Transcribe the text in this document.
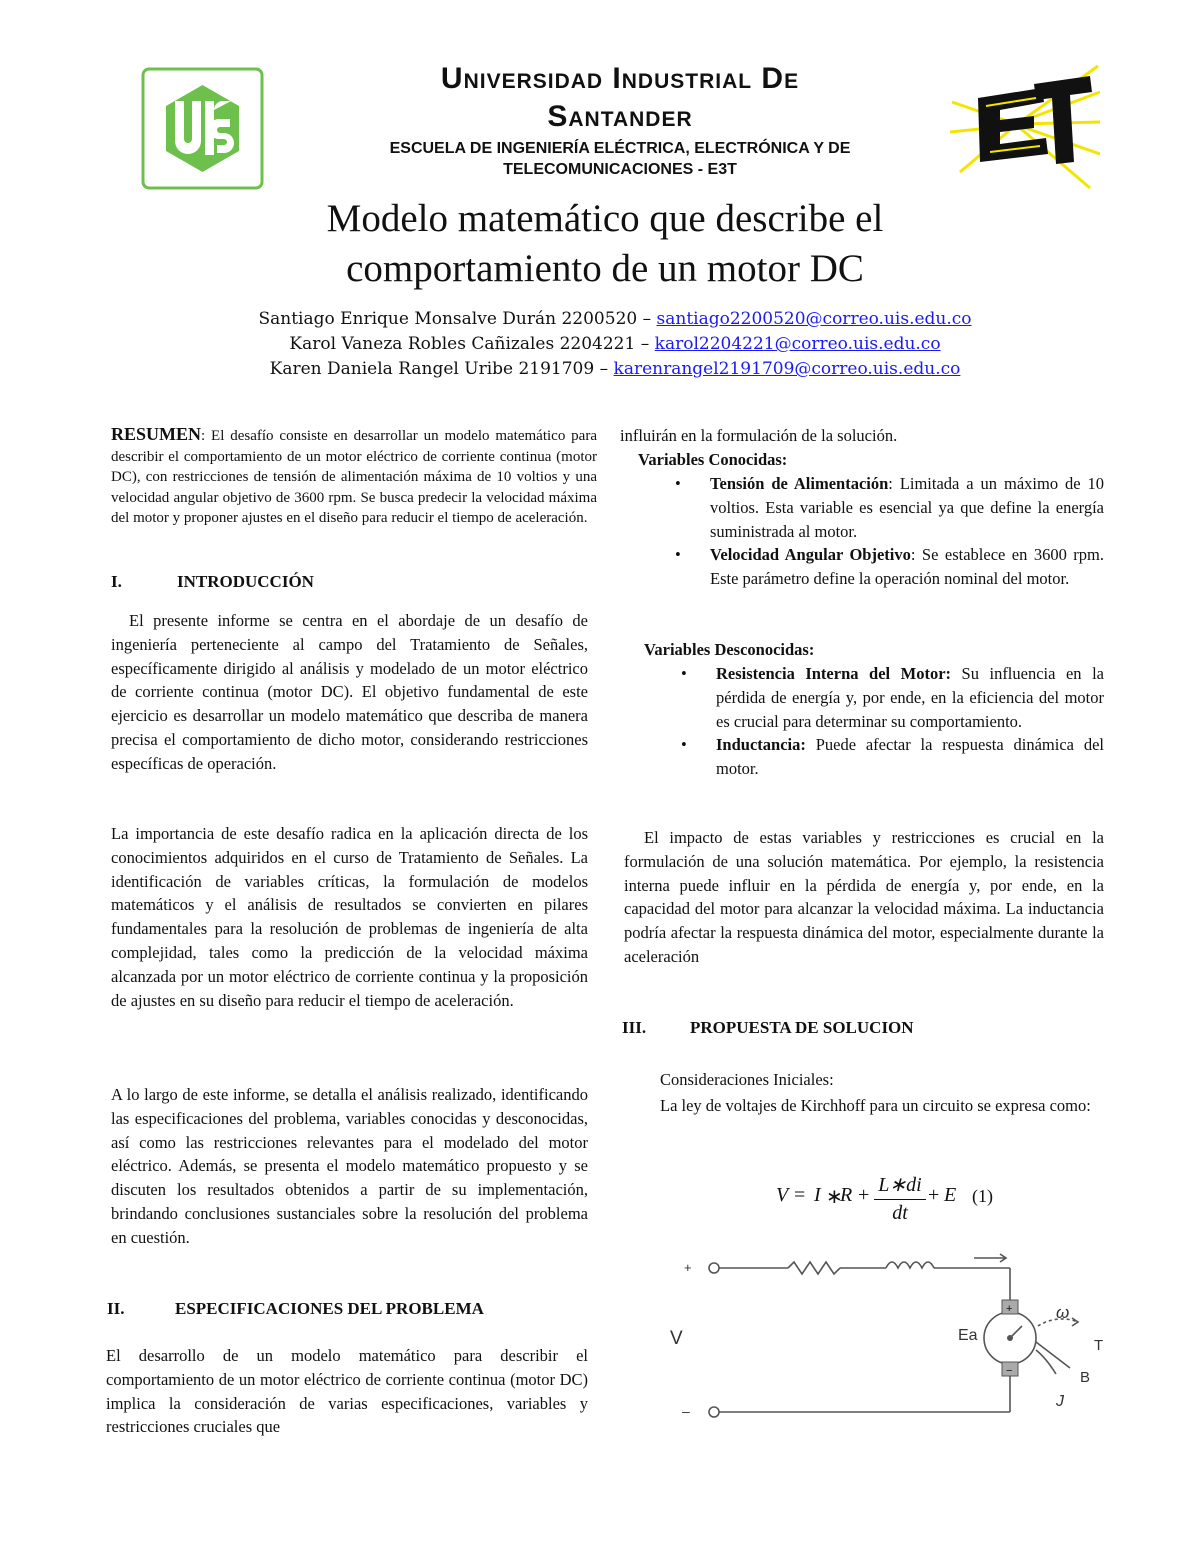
Universidad Industrial De
Santander
ESCUELA DE INGENIERÍA ELÉCTRICA, ELECTRÓNICA Y DE
TELECOMUNICACIONES - E3T
Modelo matemático que describe el
comportamiento de un motor DC
Santiago Enrique Monsalve Durán 2200520 – santiago2200520@correo.uis.edu.co
Karol Vaneza Robles Cañizales 2204221 – karol2204221@correo.uis.edu.co
Karen Daniela Rangel Uribe 2191709 – karenrangel2191709@correo.uis.edu.co
RESUMEN: El desafío consiste en desarrollar un modelo matemático para describir el comportamiento de un motor eléctrico de corriente continua (motor DC), con restricciones de tensión de alimentación máxima de 10 voltios y una velocidad angular objetivo de 3600 rpm. Se busca predecir la velocidad máxima del motor y proponer ajustes en el diseño para reducir el tiempo de aceleración.
I.	INTRODUCCIÓN
El presente informe se centra en el abordaje de un desafío de ingeniería perteneciente al campo del Tratamiento de Señales, específicamente dirigido al análisis y modelado de un motor eléctrico de corriente continua (motor DC). El objetivo fundamental de este ejercicio es desarrollar un modelo matemático que describa de manera precisa el comportamiento de dicho motor, considerando restricciones específicas de operación.
La importancia de este desafío radica en la aplicación directa de los conocimientos adquiridos en el curso de Tratamiento de Señales. La identificación de variables críticas, la formulación de modelos matemáticos y el análisis de resultados se convierten en pilares fundamentales para la resolución de problemas de ingeniería de alta complejidad, tales como la predicción de la velocidad máxima alcanzada por un motor eléctrico de corriente continua y la proposición de ajustes en su diseño para reducir el tiempo de aceleración.
A lo largo de este informe, se detalla el análisis realizado, identificando las especificaciones del problema, variables conocidas y desconocidas, así como las restricciones relevantes para el modelado del motor eléctrico. Además, se presenta el modelo matemático propuesto y se discuten los resultados obtenidos a partir de su implementación, brindando conclusiones sustanciales sobre la resolución del problema en cuestión.
II.	ESPECIFICACIONES DEL PROBLEMA
El desarrollo de un modelo matemático para describir el comportamiento de un motor eléctrico de corriente continua (motor DC) implica la consideración de varias especificaciones, variables y restricciones cruciales que
influirán en la formulación de la solución.
Variables Conocidas:
• Tensión de Alimentación: Limitada a un máximo de 10 voltios. Esta variable es esencial ya que define la energía suministrada al motor.
• Velocidad Angular Objetivo: Se establece en 3600 rpm. Este parámetro define la operación nominal del motor.
Variables Desconocidas:
• Resistencia Interna del Motor: Su influencia en la pérdida de energía y, por ende, en la eficiencia del motor es crucial para determinar su comportamiento.
• Inductancia: Puede afectar la respuesta dinámica del motor.
El impacto de estas variables y restricciones es crucial en la formulación de una solución matemática. Por ejemplo, la resistencia interna puede influir en la pérdida de energía y, por ende, en la capacidad del motor para alcanzar la velocidad máxima. La inductancia podría afectar la respuesta dinámica del motor, especialmente durante la aceleración
III.	PROPUESTA DE SOLUCION
Consideraciones Iniciales:
La ley de voltajes de Kirchhoff para un circuito se expresa como:
V = I ∗
R + L∗di
dt
+ E (1)
+
−
+
–
V	Ea
ω
T
B
J
